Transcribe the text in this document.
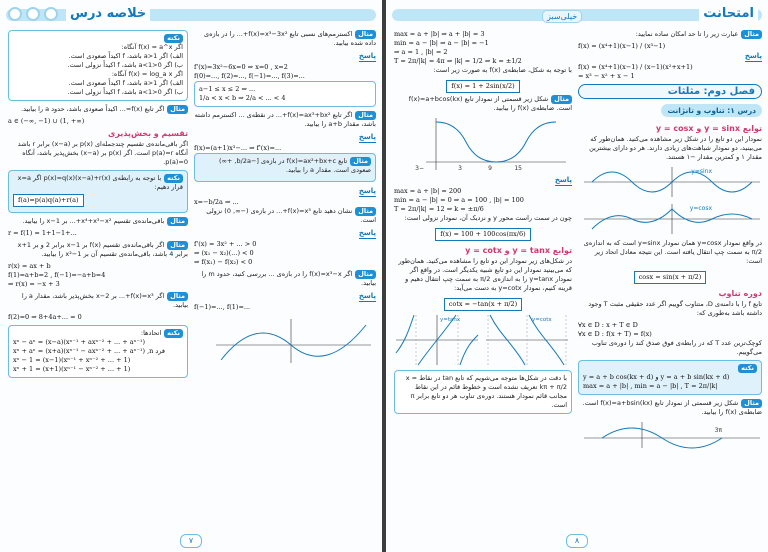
خلاصه درس

مثالاکسترمم‌های نسبی تابع f(x)=x³−3x²+... را در بازه‌ی داده شده بیابید.

پاسخ
f'(x)=3x²−6x=0 ⇒ x=0 , x=2
f(0)=..., f(2)=..., f(−1)=..., f(3)=...
a−1 ≤ x ≤ 2 ⇒ ...
1/a < x < b ⇒ 2/a < ... < 4

مثالاگر تابع f(x)=ax³+bx²+... در نقطه‌ی ... اکسترمم داشته باشد، مقدار a+b را بیابید.

پاسخ
f(x)=(a+1)x³−... ⇒ f'(x)=...

مثالتابع f(x)=ax²+bx+c در بازه‌ی [−b/2a, +∞) صعودی است. مقدار a را بیابید.

پاسخ
x=−b/2a ⇒ ...

مثالنشان دهید تابع f(x)=x³+... در بازه‌ی (−∞, 0) نزولی است.

پاسخ
f'(x) = 3x² + ... > 0
⇒ (x₁ − x₂)(...) < 0
⇒ f(x₁) − f(x₂) < 0

مثالاگر f(x)=x³−x را در بازه‌ی ... بررسی کنید، حدود m را بیابید.

پاسخ
f(−1)=..., f(1)=...
نکته
اگر f(x) = a^x آنگاه:
الف) اگر a>1 باشد، f اکیداً صعودی است.
ب) اگر 0<a<1 باشد، f اکیداً نزولی است.
اگر f(x) = log_a x آنگاه:
الف) اگر a>1 باشد، f اکیداً صعودی است.
ب) اگر 0<a<1 باشد، f اکیداً نزولی است.

مثالاگر تابع f(x)=... اکیداً صعودی باشد، حدود a را بیابید.

a ∈ (−∞, −1) ∪ (1, +∞)
تقسیم و بخش‌پذیری

اگر باقی‌مانده‌ی تقسیم چندجمله‌ای p(x) بر (x−a) برابر r باشد آنگاه p(a)=r است. اگر p(x) بر (x−a) بخش‌پذیر باشد، آنگاه p(a)=0.

نکتهبا توجه به رابطه‌ی p(x)=q(x)(x−a)+r(x) اگر x=a قرار دهیم:
f(a)=p(a)q(a)+r(a)

مثالباقی‌مانده‌ی تقسیم x⁴+x³−x²+... بر x−1 را بیابید.

r = f(1) = 1+1−1+...

مثالاگر باقی‌مانده‌ی تقسیم f(x) بر x−1 برابر 2 و بر x+1 برابر 4 باشد، باقی‌مانده‌ی تقسیم آن بر x²−1 را بیابید.

r(x) = ax + b
f(1)=a+b=2 , f(−1)=−a+b=4
⇒ r(x) = −x + 3

مثالاگر f(x)=x³+... بر x−2 بخش‌پذیر باشد، مقدار a را بیابید.

f(2)=0 ⇒ 8+4a+... = 0
نکتهاتحادها:
xⁿ − aⁿ = (x−a)(xⁿ⁻¹ + axⁿ⁻² + ... + aⁿ⁻¹)
xⁿ + aⁿ = (x+a)(xⁿ⁻¹ − axⁿ⁻² + ... + aⁿ⁻¹) ,n فرد
xⁿ − 1 = (x−1)(xⁿ⁻¹ + xⁿ⁻² + ... + 1)
xⁿ + 1 = (x+1)(xⁿ⁻¹ − xⁿ⁻² + ... + 1)
۷
خیلی‌سبز	امتحانت

مثالعبارت زیر را تا حد امکان ساده نمایید:

f(x) = (x⁴+1)(x−1) / (x³−1)
پاسخ
f(x) = (x⁴+1)(x−1) / (x−1)(x²+x+1)
= x³ − x² + x − 1
فصل دوم: مثلثات
درس ۱: تناوب و تانژانت
توابع y = sinx و y = cosx

نمودار این دو تابع را در شکل زیر مشاهده می‌کنید. همان‌طور که می‌بینید، دو نمودار شباهت‌های زیادی دارند. هر دو دارای بیشترین مقدار ۱ و کمترین مقدار −۱ هستند.

y=sinx
y=cosx

در واقع نمودار y=cosx همان نمودار y=sinx است که به اندازه‌ی π/2 به سمت چپ انتقال یافته است. این نتیجه معادل اتحاد زیر است:

cosx = sin(x + π/2)
دوره تناوب

تابع f را با دامنه‌ی D، متناوب گوییم اگر عدد حقیقی مثبت T وجود داشته باشد به‌طوری که:

∀x ∈ D : x + T ∈ D
∀x ∈ D : f(x + T) = f(x)

کوچک‌ترین عدد T که در رابطه‌ی فوق صدق کند را دوره‌ی تناوب می‌گوییم.

نکته
y = a + b cos(kx + d) و y = a + b sin(kx + d)
max = a + |b| , min = a − |b| , T = 2π/|k|

مثالشکل زیر قسمتی از نمودار تابع f(x)=a+bsin(kx) است. ضابطه‌ی f(x) را بیابید.

3π
max = a + |b| ⇒ a + |b| = 3
min = a − |b| ⇒ a − |b| = −1
⇒ a = 1 , |b| = 2
T = 2π/|k| = 4π ⇒ |k| = 1/2 ⇒ k = ±1/2

با توجه به شکل، ضابطه‌ی f(x) به صورت زیر است:

f(x) = 1 + 2sin(x/2)

مثالشکل زیر قسمتی از نمودار تابع f(x)=a+bcos(kx) است. ضابطه‌ی f(x) را بیابید.

3	9	15
−3
پاسخ
max = a + |b| = 200
min = a − |b| = 0 ⇒ a = 100 , |b| = 100
T = 2π/|k| = 12 ⇒ k = ±π/6

چون در سمت راست محور y و نزدیک آن، نمودار نزولی است:

f(x) = 100 + 100cos(πx/6)
توابع y = tanx و y = cotx

در شکل‌های زیر نمودار این دو تابع را مشاهده می‌کنید. همان‌طور که می‌بینید نمودار این دو تابع شبیه یکدیگر است. در واقع اگر نمودار y=tanx را به اندازه‌ی π/2 به سمت چپ انتقال دهیم و قرینه کنیم، نمودار y=cotx به دست می‌آید:

cotx = −tan(x + π/2)
y=tanx	y=cotx
با دقت در شکل‌ها متوجه می‌شویم که تابع tan در نقاط x = kπ + π/2 تعریف نشده است و خطوط قائم در این نقاط مجانب قائم نمودار هستند. دوره‌ی تناوب هر دو تابع برابر π است.
۸
